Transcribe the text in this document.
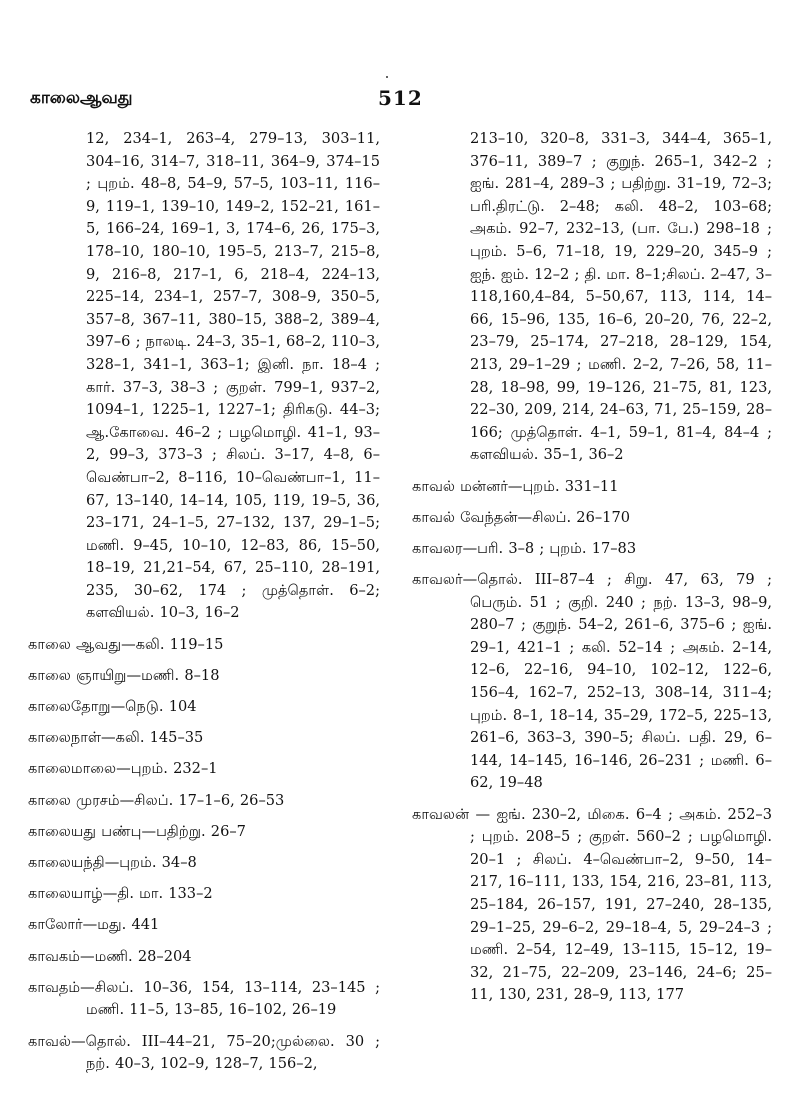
காலைஆவது	512

12, 234–1, 263–4, 279–13, 303–11, 304–16, 314–7, 318–11, 364–9, 374–15 ; புறம். 48–8, 54–9, 57–5, 103–11, 116–9, 119–1, 139–10, 149–2, 152–21, 161–5, 166–24, 169–1, 3, 174–6, 26, 175–3, 178–10, 180–10, 195–5, 213–7, 215–8, 9, 216–8, 217–1, 6, 218–4, 224–13, 225–14, 234–1, 257–7, 308–9, 350–5, 357–8, 367–11, 380–15, 388–2, 389–4, 397–6 ; நாலடி. 24–3, 35–1, 68–2, 110–3, 328–1, 341–1, 363–1; இனி. நா. 18–4 ; கார். 37–3, 38–3 ; குறள். 799–1, 937–2, 1094–1, 1225–1, 1227–1; திரிகடு. 44–3; ஆ.கோவை. 46–2 ; பழமொழி. 41–1, 93–2, 99–3, 373–3 ; சிலப். 3–17, 4–8, 6–வெண்பா–2, 8–116, 10–வெண்பா–1, 11–67, 13–140, 14–14, 105, 119, 19–5, 36, 23–171, 24–1–5, 27–132, 137, 29–1–5; மணி. 9–45, 10–10, 12–83, 86, 15–50, 18–19, 21,21–54, 67, 25–110, 28–191, 235, 30–62, 174 ; முத்தொள். 6–2; களவியல். 10–3, 16–2

காலை ஆவது—கலி. 119–15

காலை ஞாயிறு—மணி. 8–18

காலைதோறு—நெடு. 104

காலைநாள்—கலி. 145–35

காலைமாலை—புறம். 232–1

காலை முரசம்—சிலப். 17–1–6, 26–53

காலையது பண்பு—பதிற்று. 26–7

காலையந்தி—புறம். 34–8

காலையாழ்—தி. மா. 133–2

காலோர்—மது. 441

காவகம்—மணி. 28–204

காவதம்—சிலப். 10–36, 154, 13–114, 23–145 ; மணி. 11–5, 13–85, 16–102, 26–19

காவல்—தொல். III–44–21, 75–20;முல்லை. 30 ; நற். 40–3, 102–9, 128–7, 156–2,

213–10, 320–8, 331–3, 344–4, 365–1, 376–11, 389–7 ; குறுந். 265–1, 342–2 ; ஐங். 281–4, 289–3 ; பதிற்று. 31–19, 72–3; பரி.திரட்டு. 2–48; கலி. 48–2, 103–68; அகம். 92–7, 232–13, (பா. பே.) 298–18 ; புறம். 5–6, 71–18, 19, 229–20, 345–9 ; ஐந். ஐம். 12–2 ; தி. மா. 8–1;சிலப். 2–47, 3–118,160,4–84, 5–50,67, 113, 114, 14–66, 15–96, 135, 16–6, 20–20, 76, 22–2, 23–79, 25–174, 27–218, 28–129, 154, 213, 29–1–29 ; மணி. 2–2, 7–26, 58, 11–28, 18–98, 99, 19–126, 21–75, 81, 123, 22–30, 209, 214, 24–63, 71, 25–159, 28–166; முத்தொள். 4–1, 59–1, 81–4, 84–4 ; களவியல். 35–1, 36–2

காவல் மன்னர்—புறம். 331–11

காவல் வேந்தன்—சிலப். 26–170

காவலர—பரி. 3–8 ; புறம். 17–83

காவலர்—தொல். III–87–4 ; சிறு. 47, 63, 79 ; பெரும். 51 ; குறி. 240 ; நற். 13–3, 98–9, 280–7 ; குறுந். 54–2, 261–6, 375–6 ; ஐங். 29–1, 421–1 ; கலி. 52–14 ; அகம். 2–14, 12–6, 22–16, 94–10, 102–12, 122–6, 156–4, 162–7, 252–13, 308–14, 311–4; புறம். 8–1, 18–14, 35–29, 172–5, 225–13, 261–6, 363–3, 390–5; சிலப். பதி. 29, 6–144, 14–145, 16–146, 26–231 ; மணி. 6–62, 19–48

காவலன் — ஐங். 230–2, மிகை. 6–4 ; அகம். 252–3 ; புறம். 208–5 ; குறள். 560–2 ; பழமொழி. 20–1 ; சிலப். 4–வெண்பா–2, 9–50, 14–217, 16–111, 133, 154, 216, 23–81, 113, 25–184, 26–157, 191, 27–240, 28–135, 29–1–25, 29–6–2, 29–18–4, 5, 29–24–3 ; மணி. 2–54, 12–49, 13–115, 15–12, 19–32, 21–75, 22–209, 23–146, 24–6; 25–11, 130, 231, 28–9, 113, 177
